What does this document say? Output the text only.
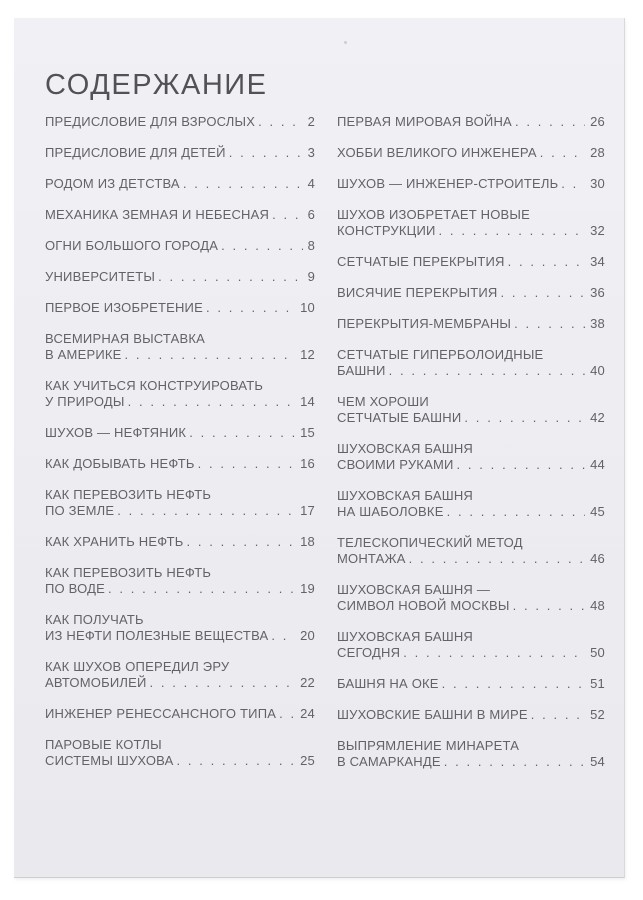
СОДЕРЖАНИЕ
ПРЕДИСЛОВИЕ ДЛЯ ВЗРОСЛЫХ . . .	2
ПРЕДИСЛОВИЕ ДЛЯ ДЕТЕЙ . . .	3
РОДОМ ИЗ ДЕТСТВА . . .	4
МЕХАНИКА ЗЕМНАЯ И НЕБЕСНАЯ . . .	6
ОГНИ БОЛЬШОГО ГОРОДА . . .	8
УНИВЕРСИТЕТЫ . . .	9
ПЕРВОЕ ИЗОБРЕТЕНИЕ . . .	10
ВСЕМИРНАЯ ВЫСТАВКА
В АМЕРИКЕ . . .	12
КАК УЧИТЬСЯ КОНСТРУИРОВАТЬ
У ПРИРОДЫ . . .	14
ШУХОВ — НЕФТЯНИК . . .	15
КАК ДОБЫВАТЬ НЕФТЬ . . .	16
КАК ПЕРЕВОЗИТЬ НЕФТЬ
ПО ЗЕМЛЕ . . .	17
КАК ХРАНИТЬ НЕФТЬ . . .	18
КАК ПЕРЕВОЗИТЬ НЕФТЬ
ПО ВОДЕ . . .	19
КАК ПОЛУЧАТЬ
ИЗ НЕФТИ ПОЛЕЗНЫЕ ВЕЩЕСТВА . . . 20
КАК ШУХОВ ОПЕРЕДИЛ ЭРУ
АВТОМОБИЛЕЙ . . .	22
ИНЖЕНЕР РЕНЕССАНСНОГО ТИПА . . . 24
ПАРОВЫЕ КОТЛЫ
СИСТЕМЫ ШУХОВА . . .	25
ПЕРВАЯ МИРОВАЯ ВОЙНА . . .	26
ХОББИ ВЕЛИКОГО ИНЖЕНЕРА . . .	28
ШУХОВ — ИНЖЕНЕР-СТРОИТЕЛЬ . . . 30
ШУХОВ ИЗОБРЕТАЕТ НОВЫЕ
КОНСТРУКЦИИ . . .	32
СЕТЧАТЫЕ ПЕРЕКРЫТИЯ . . .	34
ВИСЯЧИЕ ПЕРЕКРЫТИЯ . . .	36
ПЕРЕКРЫТИЯ-МЕМБРАНЫ . . .	38
СЕТЧАТЫЕ ГИПЕРБОЛОИДНЫЕ
БАШНИ . . .	40
ЧЕМ ХОРОШИ
СЕТЧАТЫЕ БАШНИ . . .	42
ШУХОВСКАЯ БАШНЯ
СВОИМИ РУКАМИ . . .	44
ШУХОВСКАЯ БАШНЯ
НА ШАБОЛОВКЕ . . .	45
ТЕЛЕСКОПИЧЕСКИЙ МЕТОД
МОНТАЖА . . .	46
ШУХОВСКАЯ БАШНЯ —
СИМВОЛ НОВОЙ МОСКВЫ . . .	48
ШУХОВСКАЯ БАШНЯ
СЕГОДНЯ . . .	50
БАШНЯ НА ОКЕ . . .	51
ШУХОВСКИЕ БАШНИ В МИРЕ . . .	52
ВЫПРЯМЛЕНИЕ МИНАРЕТА
В САМАРКАНДЕ . . .	54
